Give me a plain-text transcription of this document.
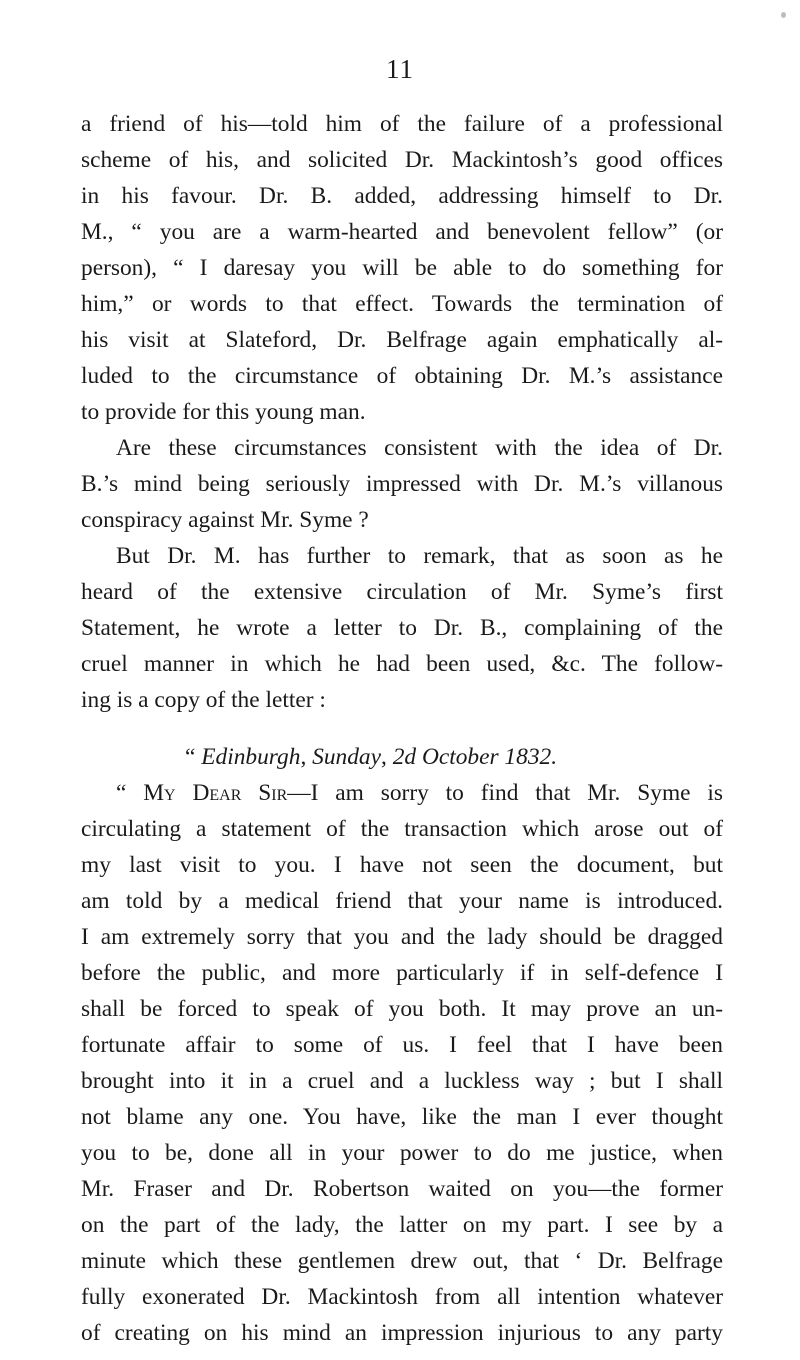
11
a friend of his—told him of the failure of a professional
scheme of his, and solicited Dr. Mackintosh’s good offices
in his favour. Dr. B. added, addressing himself to Dr.
M., “ you are a warm-hearted and benevolent fellow” (or
person), “ I daresay you will be able to do something for
him,” or words to that effect. Towards the termination of
his visit at Slateford, Dr. Belfrage again emphatically al-
luded to the circumstance of obtaining Dr. M.’s assistance
to provide for this young man.
Are these circumstances consistent with the idea of Dr.
B.’s mind being seriously impressed with Dr. M.’s villanous
conspiracy against Mr. Syme ?
But Dr. M. has further to remark, that as soon as he
heard of the extensive circulation of Mr. Syme’s first
Statement, he wrote a letter to Dr. B., complaining of the
cruel manner in which he had been used, &c. The follow-
ing is a copy of the letter :
“ Edinburgh, Sunday, 2d October 1832.
“ My Dear Sir—I am sorry to find that Mr. Syme is
circulating a statement of the transaction which arose out of
my last visit to you. I have not seen the document, but
am told by a medical friend that your name is introduced.
I am extremely sorry that you and the lady should be dragged
before the public, and more particularly if in self-defence I
shall be forced to speak of you both. It may prove an un-
fortunate affair to some of us. I feel that I have been
brought into it in a cruel and a luckless way ; but I shall
not blame any one. You have, like the man I ever thought
you to be, done all in your power to do me justice, when
Mr. Fraser and Dr. Robertson waited on you—the former
on the part of the lady, the latter on my part. I see by a
minute which these gentlemen drew out, that ‘ Dr. Belfrage
fully exonerated Dr. Mackintosh from all intention whatever
of creating on his mind an impression injurious to any party
